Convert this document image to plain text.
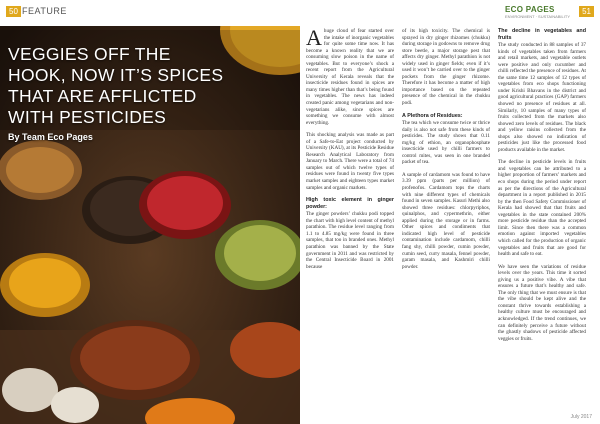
50 FEATURE
VEGGIES OFF THE
HOOK, NOW IT’S SPICES
THAT ARE AFFLICTED
WITH PESTICIDES
By Team Eco Pages
ECO PAGES
ENVIRONMENT · SUSTAINABILITY
51

Ahuge cloud of fear started over the intake of inorganic vegetables for quite some time now. It has become a known reality that we are consuming slow poison in the name of vegetables. But to everyone’s shock a recent report from the Agricultural University of Kerala reveals that the insecticide residues found in spices are many times higher than that’s being found in vegetables. The news has indeed created panic among vegetarians and non-vegetarians alike, since spices are something we consume with almost everything.

This shocking analysis was made as part of a Safe-to-Eat project conducted by University (KAU), at its Pesticide Residue Research Analytical Laboratory from January to March. There were a total of 74 samples out of which twelve types of residues were found in twenty five types market samples and eighteen types market samples and organic markets.

High toxic element in ginger powder:

The ginger powders’ chukku podi topped the chart with high level content of methyl parathion. The residue level ranging from 1.1 to 4.85 mg/kg were found in three samples, that too in branded ones. Methyl parathion was banned by the State government in 2011 and was restricted by the Central Insecticide Board in 2001 because

of its high toxicity. The chemical is sprayed in dry ginger rhizomes (chukku) during storage in godowns to remove drug store beetle, a major storage pest that affects dry ginger. Methyl parathion is not widely used in ginger fields; even if it’s used it won’t be carried over to the ginger pockets from the ginger rhizome. Therefore it has become a matter of high importance based on the repeated presence of the chemical in the chukku podi.

A Plethora of Residues:

The tea which we consume twice or thrice daily is also not safe from these kinds of pesticides. The study shows that 0.11 mg/kg of ethion, an organophosphate insecticide used by chilli farmers to control mites, was seen in one branded packet of tea.

A sample of cardamom was found to have 3.39 ppm (parts per million) of profenofos. Cardamom tops the charts with nine different types of chemicals found in seven samples. Kasuri Methi also showed three residues: chlorpyriphos, quinalphos, and cypermethrin, either applied during the storage or in farms. Other spices and condiments that indicated high level of pesticide contamination include cardamom, chilli fang shy, chilli powder, cumin powder, cumin seed, curry masala, fennel powder, garam masala, and Kashmiri chilli powder.

The decline in vegetables and fruits

The study conducted in 88 samples of 37 kinds of vegetables taken from farmers and retail markets, and vegetable outlets were positive and only cucumber and chilli reflected the presence of residues. At the same time 12 samples of 12 types of vegetables from eco shops functioning under Krishi Bhavans in the district and good agricultural practices (GAP) farmers showed no presence of residues at all. Similarly, 10 samples of many types of fruits collected from the markets also showed zero levels of residues. The black and yellow raisins collected from the shops also showed no indication of pesticides just like the processed food products available in the market.

The decline in pesticide levels in fruits and vegetables can be attributed to a higher proportion of farmers’ markets and eco shops during the period under report as per the directions of the Agricultural department in a report published in 2015 by the then Food Safety Commissioner of Kerala had showed that that fruits and vegetables in the state contained 200% more pesticide residue than the accepted limit. Since then there was a common emotion against imported vegetables which called for the production of organic vegetables and fruits that are good for health and safe to eat.

We have seen the variations of residue levels over the years. This time it sorted giving us a positive vibe. A vibe that ensures a future that’s healthy and safe. The only thing that we must ensure is that the vibe should be kept alive and the constant thrive towards establishing a healthy culture must be encouraged and acknowledged. If the trend continues, we can definitely perceive a future without the ghastly shadows of pesticide affected veggies or fruits.

July 2017
